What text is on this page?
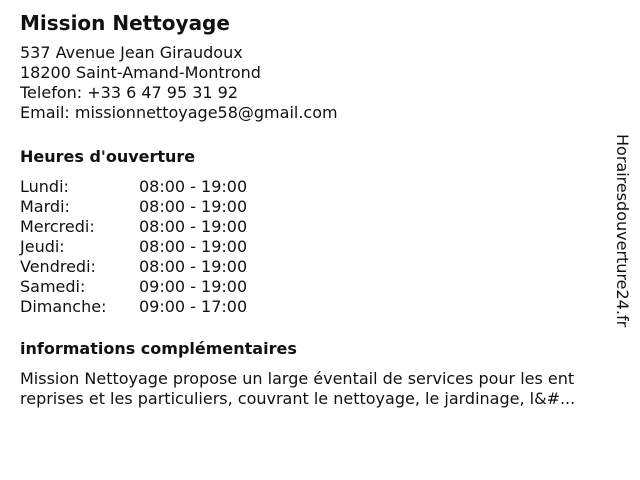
Mission Nettoyage
537 Avenue Jean Giraudoux
18200 Saint-Amand-Montrond
Telefon: +33 6 47 95 31 92
Email: missionnettoyage58@gmail.com
Heures d'ouverture
Lundi:	08:00 - 19:00
Mardi:	08:00 - 19:00
Mercredi:	08:00 - 19:00
Jeudi:	08:00 - 19:00
Vendredi:	08:00 - 19:00
Samedi:	09:00 - 19:00
Dimanche:	09:00 - 17:00
informations complémentaires
Mission Nettoyage propose un large éventail de services pour les ent
reprises et les particuliers, couvrant le nettoyage, le jardinage, l&#...
Horairesdouverture24.fr
